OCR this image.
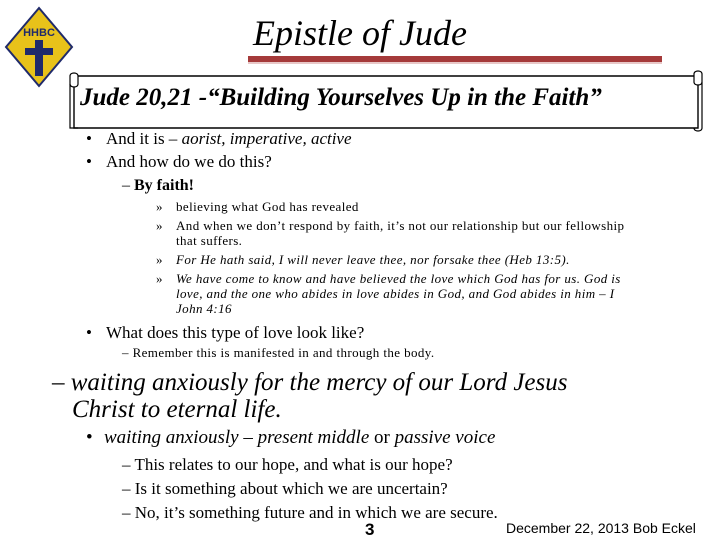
HHBC	Epistle of Jude
Jude 20,21 -“Building Yourselves Up in the Faith”
• And it is – aorist, imperative, active
• And how do we do this?
– By faith!
» believing what God has revealed
» And when we don’t respond by faith, it’s not our relationship but our fellowship
that suffers.
» For He hath said, I will never leave thee, nor forsake thee (Heb 13:5).
» We have come to know and have believed the love which God has for us. God is
love, and the one who abides in love abides in God, and God abides in him – I
John 4:16
• What does this type of love look like?
– Remember this is manifested in and through the body.
– waiting anxiously for the mercy of our Lord Jesus
Christ to eternal life.
• waiting anxiously – present middle or passive voice
– This relates to our hope, and what is our hope?
– Is it something about which we are uncertain?
– No, it’s something future and in which we are secure.
3	December 22, 2013 Bob Eckel
